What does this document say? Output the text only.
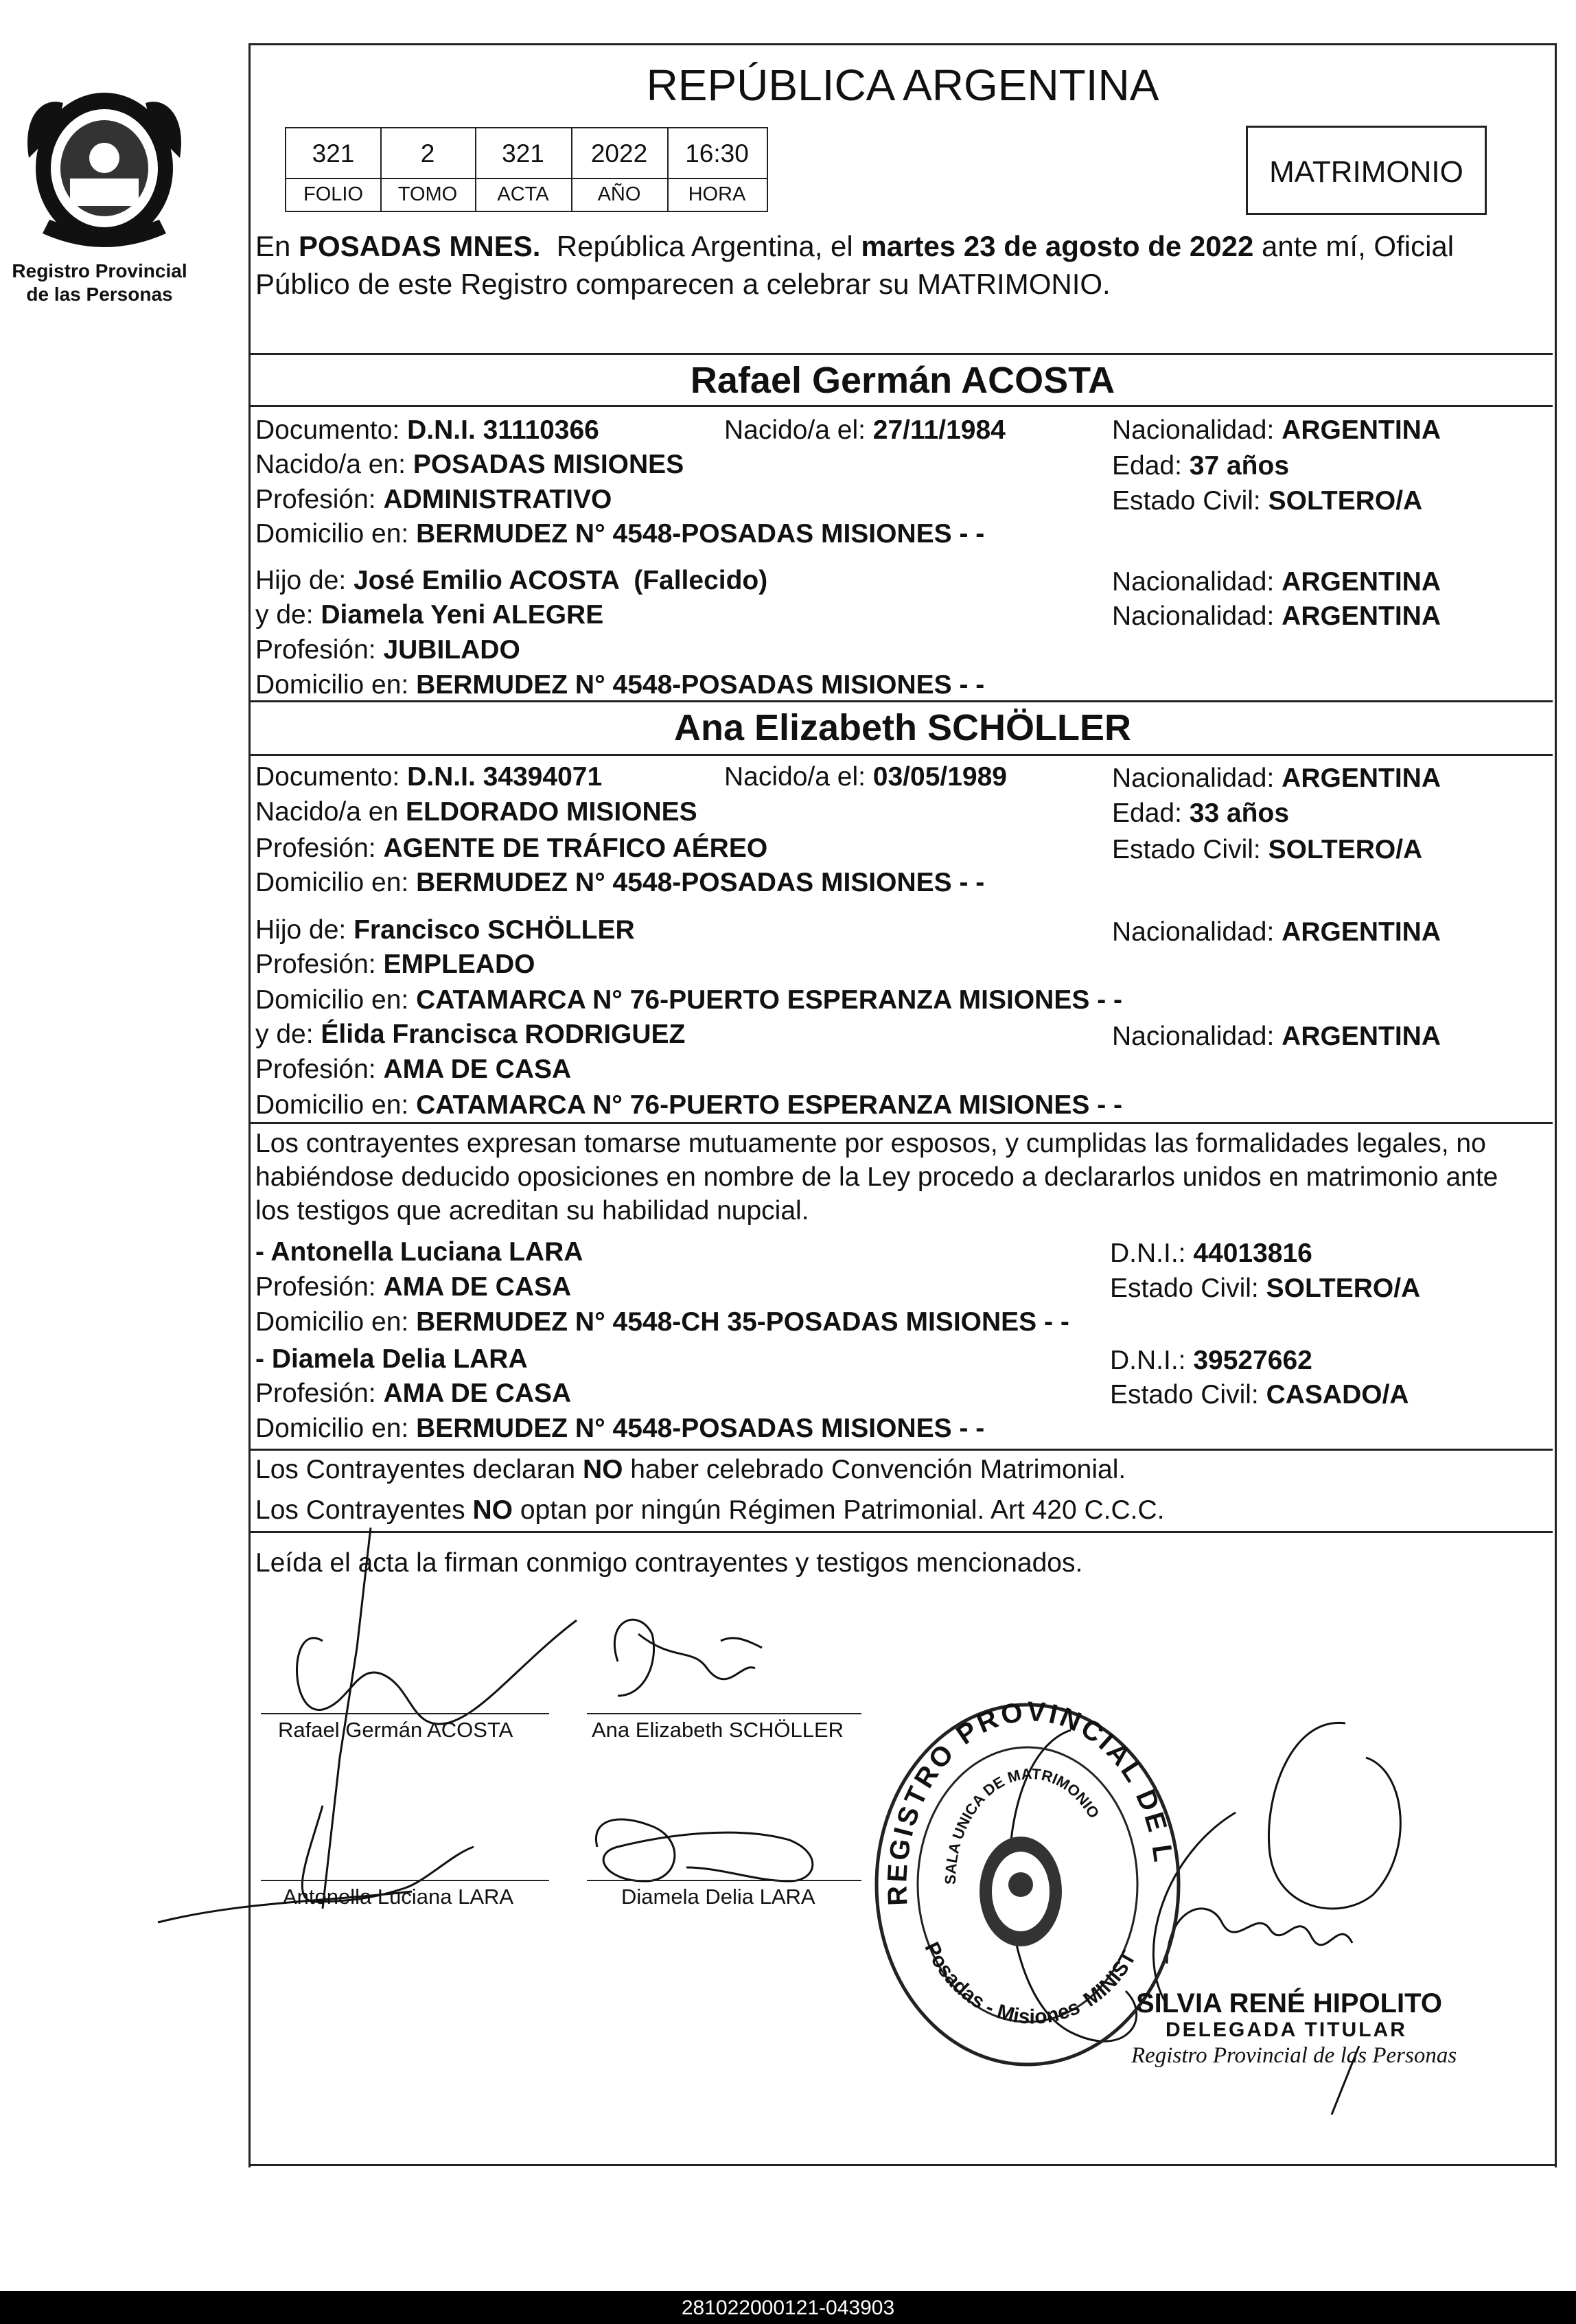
Registro Provincial
de las Personas
REPÚBLICA ARGENTINA
321	2	321	2022	16:30
FOLIO	TOMO	ACTA	AÑO	HORA
MATRIMONIO
En POSADAS MNES.  República Argentina, el martes 23 de agosto de 2022 ante mí, Oficial
Público de este Registro comparecen a celebrar su MATRIMONIO.
Rafael Germán ACOSTA
Documento: D.N.I. 31110366	Nacido/a el: 27/11/1984	Nacionalidad: ARGENTINA
Nacido/a en: POSADAS MISIONES	Edad: 37 años
Profesión: ADMINISTRATIVO	Estado Civil: SOLTERO/A
Domicilio en: BERMUDEZ N° 4548-POSADAS MISIONES - -
Hijo de: José Emilio ACOSTA  (Fallecido)	Nacionalidad: ARGENTINA
y de: Diamela Yeni ALEGRE	Nacionalidad: ARGENTINA
Profesión: JUBILADO
Domicilio en: BERMUDEZ N° 4548-POSADAS MISIONES - -
Ana Elizabeth SCHÖLLER
Documento: D.N.I. 34394071	Nacido/a el: 03/05/1989	Nacionalidad: ARGENTINA
Nacido/a en ELDORADO MISIONES	Edad: 33 años
Profesión: AGENTE DE TRÁFICO AÉREO	Estado Civil: SOLTERO/A
Domicilio en: BERMUDEZ N° 4548-POSADAS MISIONES - -
Hijo de: Francisco SCHÖLLER	Nacionalidad: ARGENTINA
Profesión: EMPLEADO
Domicilio en: CATAMARCA N° 76-PUERTO ESPERANZA MISIONES - -
y de: Élida Francisca RODRIGUEZ	Nacionalidad: ARGENTINA
Profesión: AMA DE CASA
Domicilio en: CATAMARCA N° 76-PUERTO ESPERANZA MISIONES - -
Los contrayentes expresan tomarse mutuamente por esposos, y cumplidas las formalidades legales, no
habiéndose deducido oposiciones en nombre de la Ley procedo a declararlos unidos en matrimonio ante
los testigos que acreditan su habilidad nupcial.
- Antonella Luciana LARA	D.N.I.: 44013816
Profesión: AMA DE CASA	Estado Civil: SOLTERO/A
Domicilio en: BERMUDEZ N° 4548-CH 35-POSADAS MISIONES - -
- Diamela Delia LARA	D.N.I.: 39527662
Profesión: AMA DE CASA	Estado Civil: CASADO/A
Domicilio en: BERMUDEZ N° 4548-POSADAS MISIONES - -
Los Contrayentes declaran NO haber celebrado Convención Matrimonial.
Los Contrayentes NO optan por ningún Régimen Patrimonial. Art 420 C.C.C.
Leída el acta la firman conmigo contrayentes y testigos mencionados.
Rafael Germán ACOSTA	Ana Elizabeth SCHÖLLER
Antonella Luciana LARA	Diamela Delia LARA	REGISTRO PROVINCIAL DE L
SALA UNICA DE MATRIMONIO
Posadas - MisionesMINIST
SILVIA RENÉ HIPOLITO
DELEGADA TITULAR
Registro Provincial de las Personas
281022000121-043903
